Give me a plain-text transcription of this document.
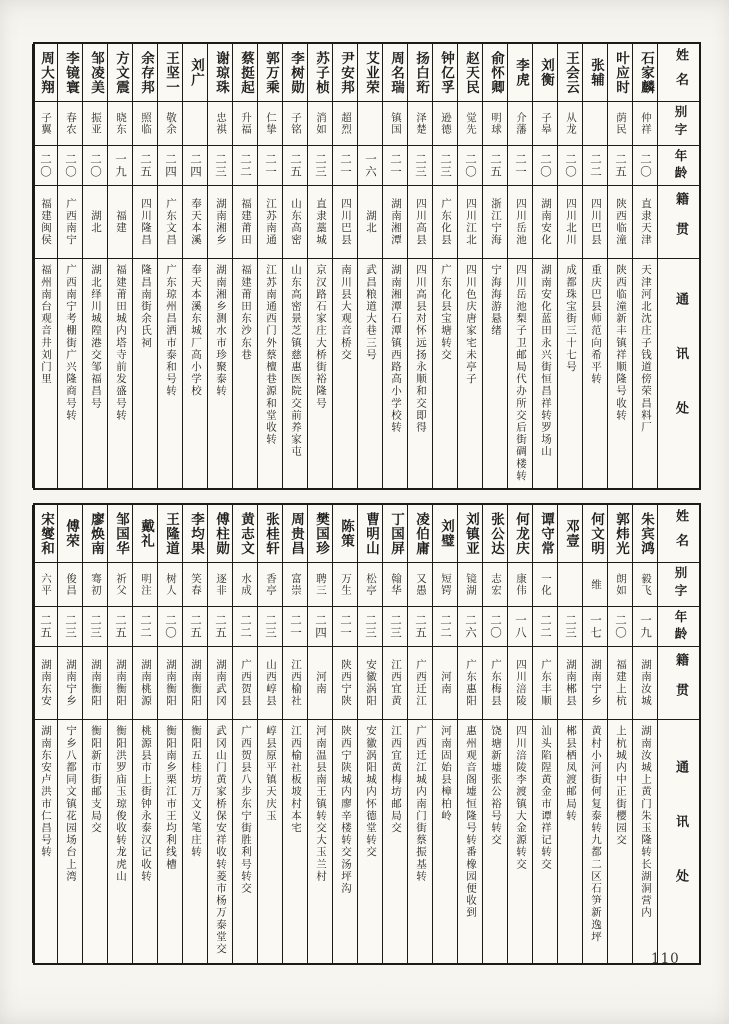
姓名
别字
年龄
籍贯
通讯处
石家麟
仲祥
二〇
直隶天津
天津河北沈庄子钱道傍荣昌料厂
叶应时
荫民
二五
陕西临潼
陕西临潼新丰镇祥顺隆号收转
张辅
二二
四川巴县
重庆巴县师范向希平转
王会云
从龙
二〇
四川北川
成都珠宝街三十七号
刘衡
子皋
二〇
湖南安化
湖南安化蓝田永兴街恒昌祥转罗场山
李虎
介藩
二一
四川岳池
四川岳池梨子卫邮局代办所交后街碉楼转
俞怀卿
明球
二五
浙江宁海
宁海海游悬绪
赵天民
觉先
二〇
四川江北
四川色庆唐家宅未亭子
钟亿孚
逊德
二三
广东化县
广东化县宝塘转交
扬白珩
泽楚
二三
四川高县
四川高县对怀远扬永顺和交即得
周名瑞
镇国
二一
湖南湘潭
湖南湘潭石潭镇西路高小学校转
艾业荣
一六
湖北
武昌粮道大巷三号
尹安邦
超烈
二一
四川巴县
南川县大观音桥交
苏子桢
消如
二三
直隶藁城
京汉路石家庄大桥街裕隆号
李树勋
子铭
二五
山东高密
山东高密景芝镇慈惠医院交前养家屯
郭万乘
仁挚
二一
江苏南通
江苏南通西门外蔡檀巷源和堂收转
蔡挺起
升福
二二
福建莆田
福建莆田东沙东巷
谢琼珠
忠祺
二三
湖南湘乡
湖南湘乡测水市珍聚泰转
刘广
二四
奉天本溪
奉天本溪东城厂高小学校
王坚一
敬余
二四
广东文昌
广东琼州昌洒市泰和号转
余存邦
照临
二五
四川隆昌
隆昌南街余氏祠
方文震
晓东
一九
福建
福建莆田城内塔寺前发盛号转
邹凌美
振亚
二〇
湖北
湖北绎川城隍港交邹福昌号
李镜寰
春农
二〇
广西南宁
广西南宁考棚街广兴隆商号转
周大翔
子翼
二〇
福建闽侯
福州南台观音井刘门里
姓名
别字
年龄
籍贯
通讯处
朱宾鸿
毅飞
一九
湖南汝城
湖南汝城上黄门朱玉隆转长湖洞营内
郭炜光
朗如
二〇
福建上杭
上杭城内中正街樱园交
何文明
维
一七
湖南宁乡
黄村小河街何复泰转九都二区石笋新逸坪
邓壹
二三
湖南郴县
郴县栖凤渡邮局转
谭守常
一化
二二
广东丰顺
汕头陷陧黄金市谭祥记转交
何龙庆
康伟
一八
四川涪陵
四川涪陵李渡镇大金源转交
张公达
志宏
二〇
广东梅县
饶塘新墟张公裕号转交
刘镇亚
镜湖
二六
广东惠阳
惠州观音阁墟恒隆号转番橡园便收到
刘璧
短锷
二二
河南
河南固始县樟柏岭
凌伯庸
又愚
二五
广西迁江
广西迁江城内南门街蔡振基转
丁国屏
翰华
二三
江西宜黄
江西宜黄梅坊邮局交
曹明山
松亭
二三
安徽涡阳
安徽涡阳城内怀德堂转交
陈策
万生
二一
陕西宁陕
陕西宁陕城内廖辛楼转交汤坪沟
樊国珍
聘三
二四
河南
河南温县南王镇转交大玉兰村
周贵昌
富崇
二一
江西榆社
江西榆社板坡村本宅
张桂轩
香亭
二三
山西崞县
崞县原平镇天庆玉
黄志文
水成
二二
广西贺县
广西贺县八步东宁街胜利号转交
傅柱勋
逐非
二五
湖南武冈
武冈山门黄家桥保安祥收转菱市杨万泰堂交
李均果
笑春
二五
湖南衡阳
衡阳五桂坊万文义笔庄转
王隆道
树人
二〇
湖南衡阳
衡阳南乡栗江市王均利线槽
戴礼
明注
二二
湖南桃源
桃源县市上街钟永泰汉记收转
邹国华
祈父
二五
湖南衡阳
衡阳洪罗庙玉琼俊收转龙虎山
廖焕南
骞初
二三
湖南衡阳
衡阳新市街邮支局交
傅荣
俊昌
二三
湖南宁乡
宁乡八都同文镇花园场台上湾
宋燮和
六平
二五
湖南东安
湖南东安卢洪市仁昌号转
110
